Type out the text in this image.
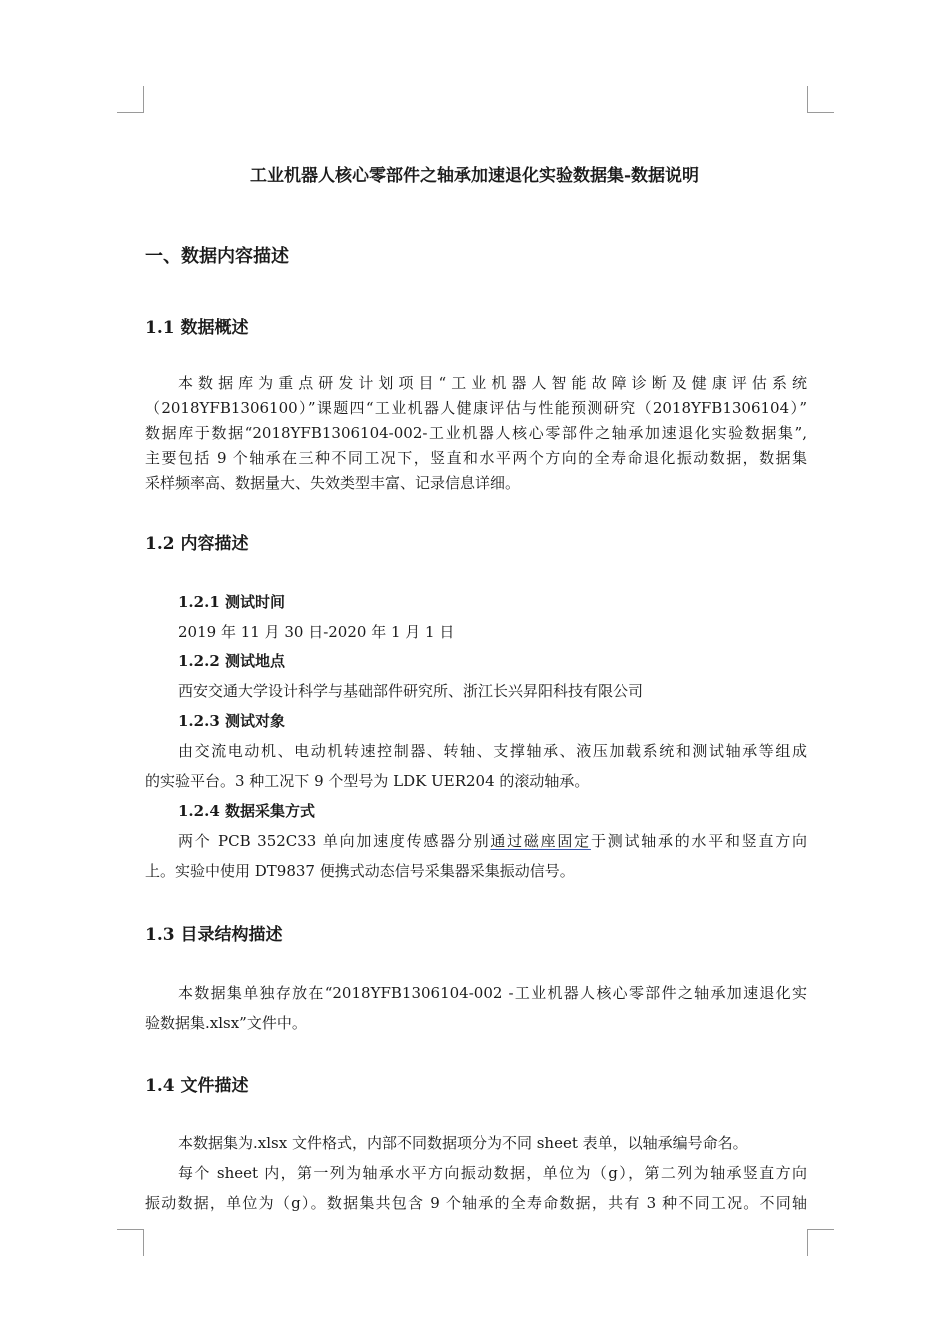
工业机器人核心零部件之轴承加速退化实验数据集-数据说明
一、数据内容描述
1.1 数据概述
本数据库为重点研发计划项目“工业机器人智能故障诊断及健康评估系统
（2018YFB1306100）”课题四“工业机器人健康评估与性能预测研究（2018YFB1306104）”
数据库于数据“2018YFB1306104-002-工业机器人核心零部件之轴承加速退化实验数据集”,
主要包括 9 个轴承在三种不同工况下，竖直和水平两个方向的全寿命退化振动数据，数据集
采样频率高、数据量大、失效类型丰富、记录信息详细。
1.2 内容描述
1.2.1 测试时间
2019 年 11 月 30 日-2020 年 1 月 1 日
1.2.2 测试地点
西安交通大学设计科学与基础部件研究所、浙江长兴昇阳科技有限公司
1.2.3 测试对象
由交流电动机、电动机转速控制器、转轴、支撑轴承、液压加载系统和测试轴承等组成
的实验平台。3 种工况下 9 个型号为 LDK UER204 的滚动轴承。
1.2.4 数据采集方式
两个 PCB 352C33 单向加速度传感器分别通过磁座固定于测试轴承的水平和竖直方向
上。实验中使用 DT9837 便携式动态信号采集器采集振动信号。
1.3 目录结构描述
本数据集单独存放在“2018YFB1306104-002 -工业机器人核心零部件之轴承加速退化实
验数据集.xlsx”文件中。
1.4 文件描述
本数据集为.xlsx 文件格式，内部不同数据项分为不同 sheet 表单，以轴承编号命名。
每个 sheet 内，第一列为轴承水平方向振动数据，单位为（g），第二列为轴承竖直方向
振动数据，单位为（g）。数据集共包含 9 个轴承的全寿命数据，共有 3 种不同工况。不同轴
